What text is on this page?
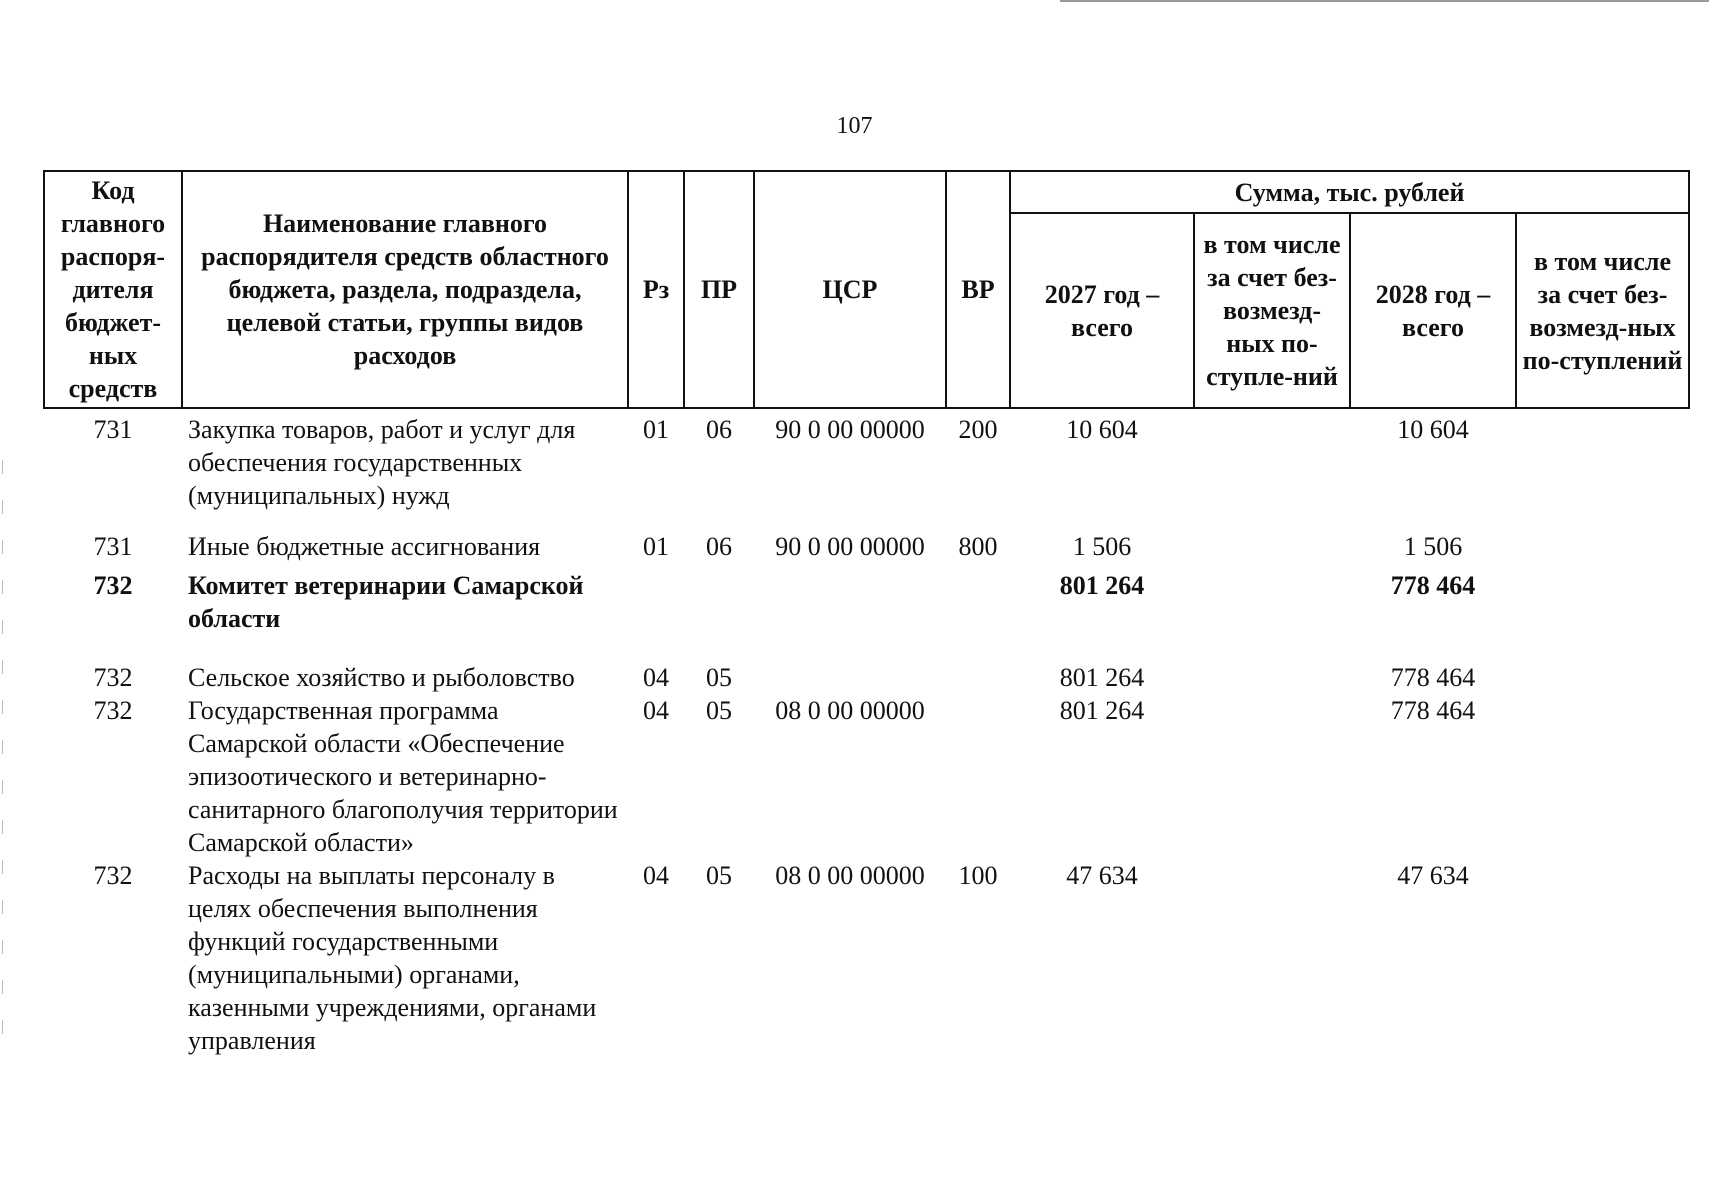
107
Код главного распоря-дителя бюджет-ных средств	Наименование главного распорядителя средств областного бюджета, раздела, подраздела, целевой статьи, группы видов расходов	Рз	ПР	ЦСР	ВР	Сумма, тыс. рублей			
						2027 год – всего	в том числе за счет без-возмезд-ных по-ступле-ний	2028 год – всего	в том числе за счет без-возмезд-ных по-ступлений
731	Закупка товаров, работ и услуг для обеспечения государственных (муниципальных) нужд	01	06	90 0 00 00000	200	10 604		10 604	
731	Иные бюджетные ассигнования	01	06	90 0 00 00000	800	1 506		1 506	
732	Комитет ветеринарии Самарской области					801 264		778 464	
732	Сельское хозяйство и рыболовство	04	05			801 264		778 464	
732	Государственная программа Самарской области «Обеспечение эпизоотического и ветеринарно-санитарного благополучия территории Самарской области»	04	05	08 0 00 00000		801 264		778 464	
732	Расходы на выплаты персоналу в целях обеспечения выполнения функций государственными (муниципальными) органами, казенными учреждениями, органами управления	04	05	08 0 00 00000	100	47 634		47 634	
